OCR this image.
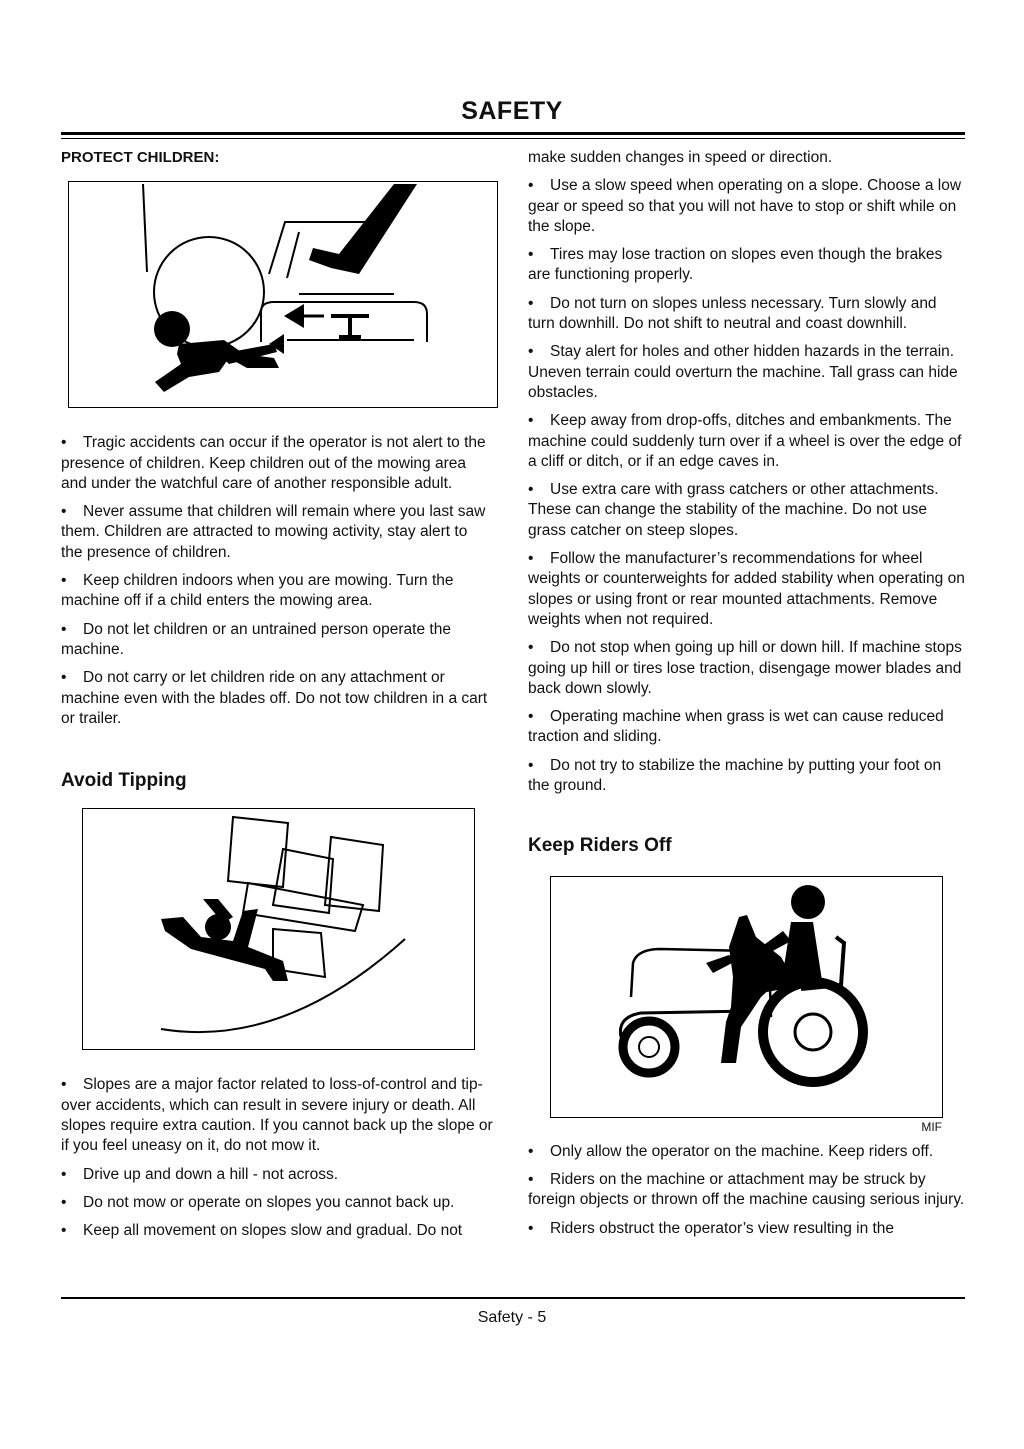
SAFETY
PROTECT CHILDREN:

• Tragic accidents can occur if the operator is not alert to the presence of children. Keep children out of the mowing area and under the watchful care of another responsible adult.

• Never assume that children will remain where you last saw them. Children are attracted to mowing activity, stay alert to the presence of children.

• Keep children indoors when you are mowing. Turn the machine off if a child enters the mowing area.

• Do not let children or an untrained person operate the machine.

• Do not carry or let children ride on any attachment or machine even with the blades off. Do not tow children in a cart or trailer.

Avoid Tipping

• Slopes are a major factor related to loss-of-control and tip-over accidents, which can result in severe injury or death. All slopes require extra caution. If you cannot back up the slope or if you feel uneasy on it, do not mow it.

• Drive up and down a hill - not across.

• Do not mow or operate on slopes you cannot back up.

• Keep all movement on slopes slow and gradual. Do not

make sudden changes in speed or direction.

• Use a slow speed when operating on a slope. Choose a low gear or speed so that you will not have to stop or shift while on the slope.

• Tires may lose traction on slopes even though the brakes are functioning properly.

• Do not turn on slopes unless necessary. Turn slowly and turn downhill. Do not shift to neutral and coast downhill.

• Stay alert for holes and other hidden hazards in the terrain. Uneven terrain could overturn the machine. Tall grass can hide obstacles.

• Keep away from drop-offs, ditches and embankments. The machine could suddenly turn over if a wheel is over the edge of a cliff or ditch, or if an edge caves in.

• Use extra care with grass catchers or other attachments. These can change the stability of the machine. Do not use grass catcher on steep slopes.

• Follow the manufacturer’s recommendations for wheel weights or counterweights for added stability when operating on slopes or using front or rear mounted attachments. Remove weights when not required.

• Do not stop when going up hill or down hill. If machine stops going up hill or tires lose traction, disengage mower blades and back down slowly.

• Operating machine when grass is wet can cause reduced traction and sliding.

• Do not try to stabilize the machine by putting your foot on the ground.

Keep Riders Off
MIF

• Only allow the operator on the machine. Keep riders off.

• Riders on the machine or attachment may be struck by foreign objects or thrown off the machine causing serious injury.

• Riders obstruct the operator’s view resulting in the

Safety - 5
